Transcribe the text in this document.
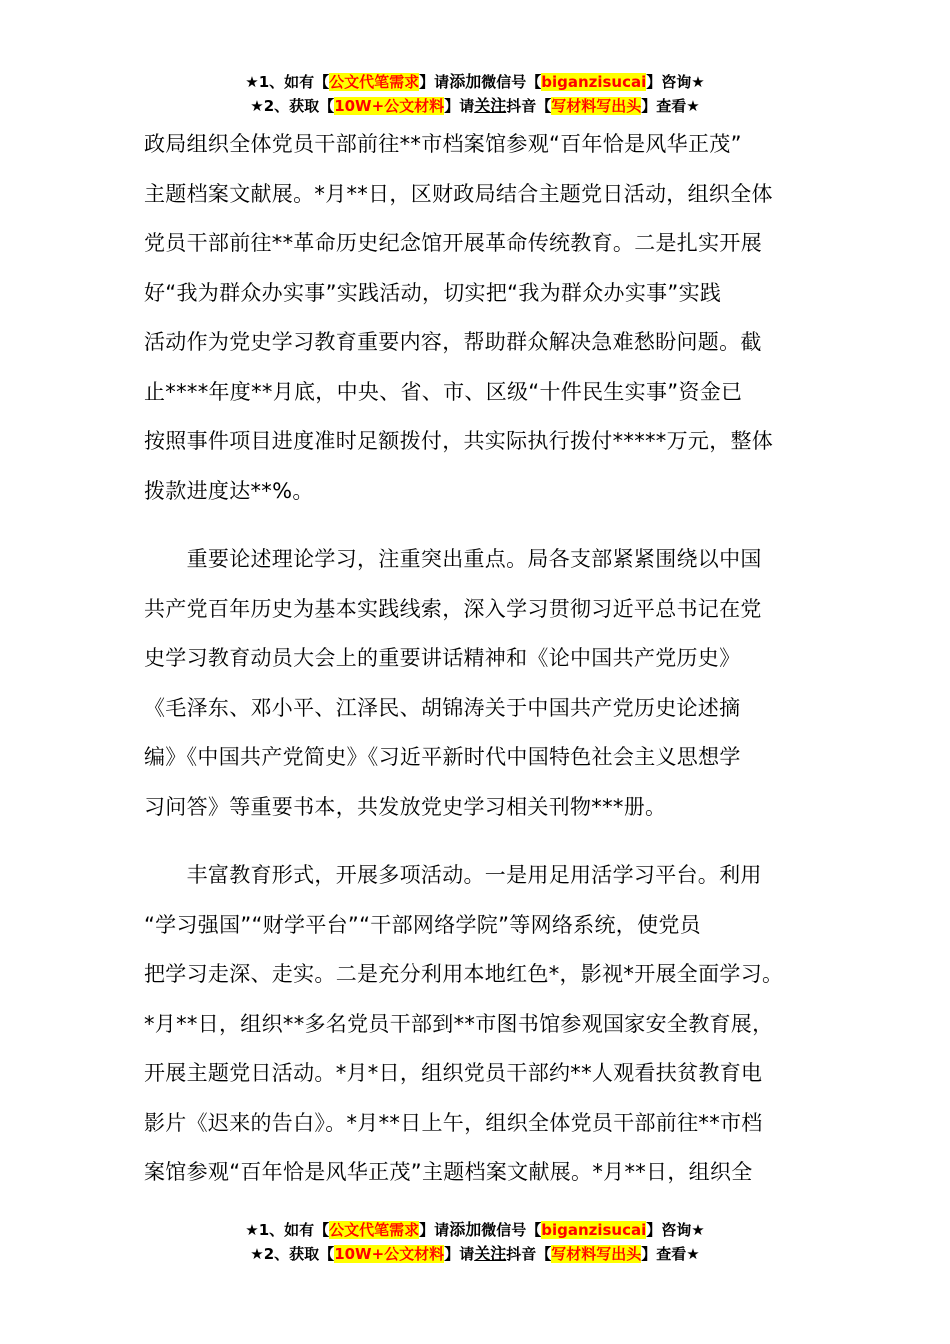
★1、如有【公文代笔需求】请添加微信号【biganzisucai】咨询★
★2、获取【10W+公文材料】请关注抖音【写材料写出头】查看★
政局组织全体党员干部前往**市档案馆参观“百年恰是风华正茂”
主题档案文献展。*月**日，区财政局结合主题党日活动，组织全体
党员干部前往**革命历史纪念馆开展革命传统教育。二是扎实开展
好“我为群众办实事”实践活动，切实把“我为群众办实事”实践
活动作为党史学习教育重要内容，帮助群众解决急难愁盼问题。截
止****年度**月底，中央、省、市、区级“十件民生实事”资金已
按照事件项目进度准时足额拨付，共实际执行拨付*****万元，整体
拨款进度达**%。
　　重要论述理论学习，注重突出重点。局各支部紧紧围绕以中国
共产党百年历史为基本实践线索，深入学习贯彻习近平总书记在党
史学习教育动员大会上的重要讲话精神和《论中国共产党历史》
《毛泽东、邓小平、江泽民、胡锦涛关于中国共产党历史论述摘
编》《中国共产党简史》《习近平新时代中国特色社会主义思想学
习问答》等重要书本，共发放党史学习相关刊物***册。
　　丰富教育形式，开展多项活动。一是用足用活学习平台。利用
“学习强国”“财学平台”“干部网络学院”等网络系统，使党员
把学习走深、走实。二是充分利用本地红色*，影视*开展全面学习。
*月**日，组织**多名党员干部到**市图书馆参观国家安全教育展，
开展主题党日活动。*月*日，组织党员干部约**人观看扶贫教育电
影片《迟来的告白》。*月**日上午，组织全体党员干部前往**市档
案馆参观“百年恰是风华正茂”主题档案文献展。*月**日，组织全
★1、如有【公文代笔需求】请添加微信号【biganzisucai】咨询★
★2、获取【10W+公文材料】请关注抖音【写材料写出头】查看★
